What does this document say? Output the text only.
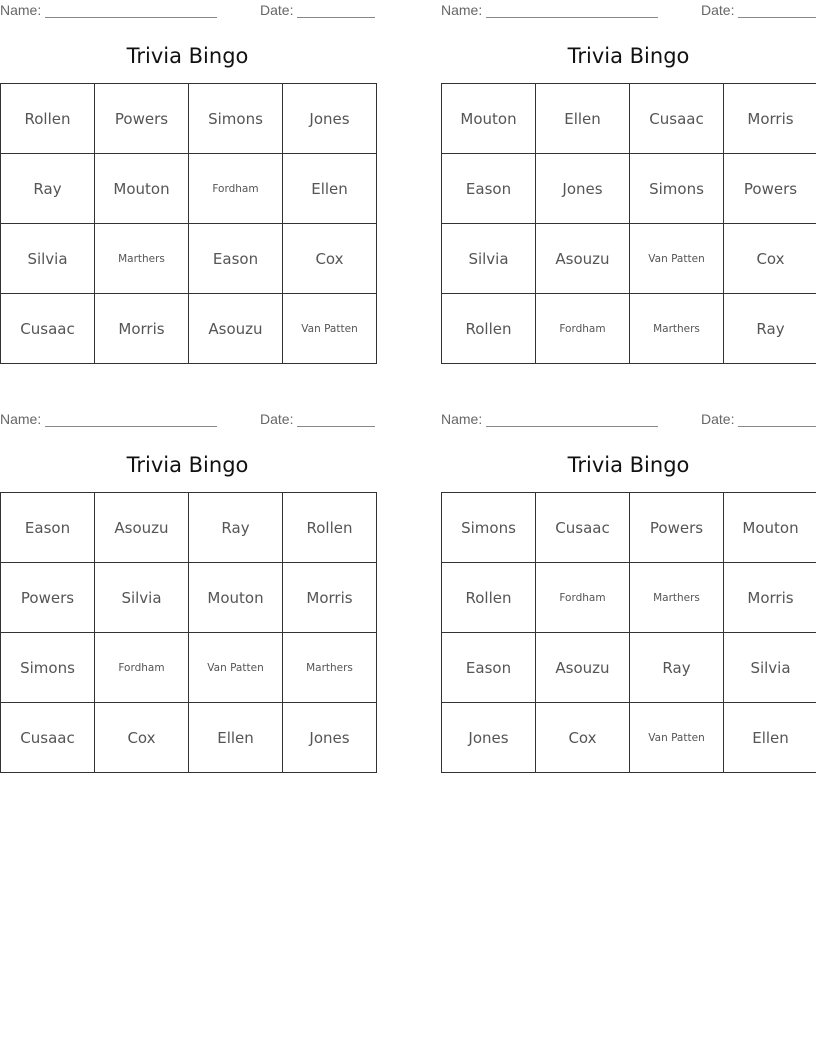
Name:	Date:
Trivia Bingo
Rollen	Powers	Simons	Jones
Ray	Mouton	Fordham	Ellen
Silvia	Marthers	Eason	Cox
Cusaac	Morris	Asouzu	Van Patten
Name:	Date:
Trivia Bingo
Mouton	Ellen	Cusaac	Morris
Eason	Jones	Simons	Powers
Silvia	Asouzu	Van Patten	Cox
Rollen	Fordham	Marthers	Ray
Name:	Date:
Trivia Bingo
Eason	Asouzu	Ray	Rollen
Powers	Silvia	Mouton	Morris
Simons	Fordham	Van Patten	Marthers
Cusaac	Cox	Ellen	Jones
Name:	Date:
Trivia Bingo
Simons	Cusaac	Powers	Mouton
Rollen	Fordham	Marthers	Morris
Eason	Asouzu	Ray	Silvia
Jones	Cox	Van Patten	Ellen
